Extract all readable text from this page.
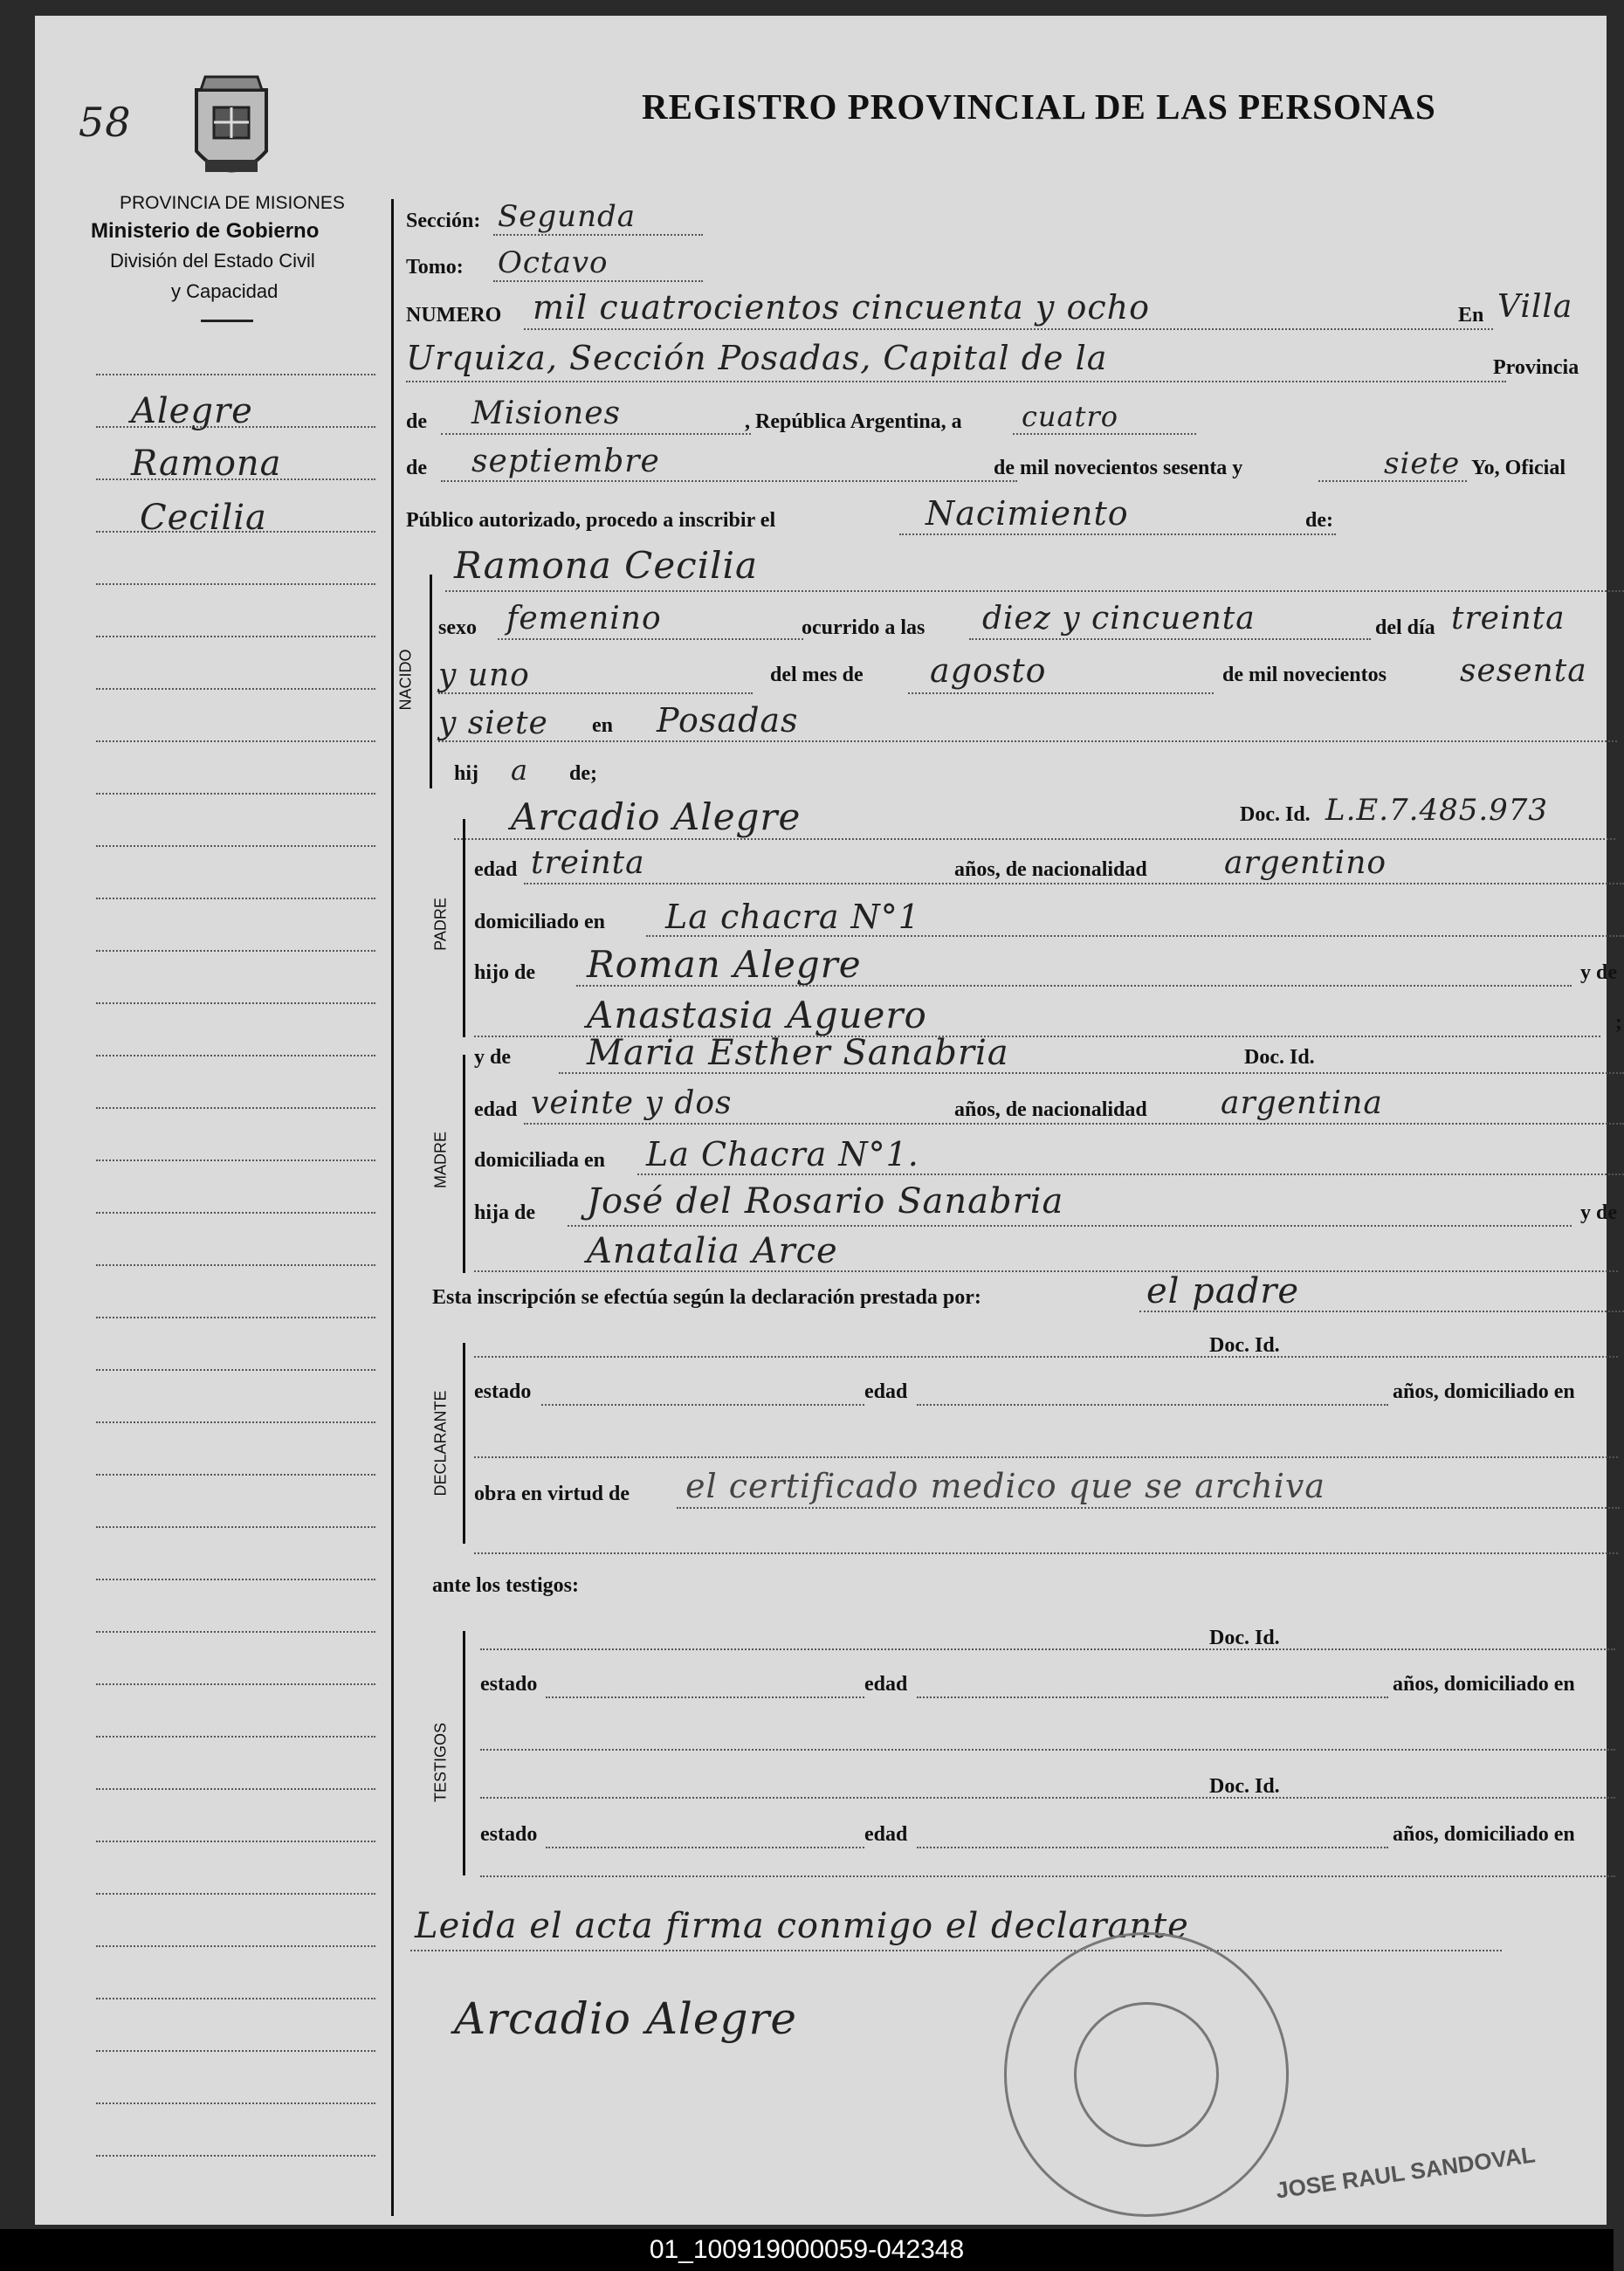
58	REGISTRO PROVINCIAL DE LAS PERSONAS
PROVINCIA DE MISIONES
Ministerio de Gobierno
División del Estado Civil
y Capacidad
Alegre
Ramona
Cecilia
Sección: Segunda
Tomo: Octavo
NUMERO mil cuatrocientos cincuenta y ocho	En Villa
Urquiza, Sección Posadas, Capital de la	Provincia
de Misiones	, República Argentina, a cuatro
de septiembre	de mil novecientos sesenta y	siete Yo, Oficial
Público autorizado, procedo a inscribir el	Nacimiento	de:
Ramona Cecilia
NACIDO
sexo femenino	ocurrido a las diez y cincuenta	del día treinta
y uno	del mes de agosto	de mil novecientos sesenta
y siete en Posadas
hij a de;
Arcadio Alegre	Doc. Id. L.E.7.485.973
PADRE
edad treinta	años, de nacionalidad argentino
domiciliado en La chacra N°1
hijo de Roman Alegre	y de
Anastasia Aguero	;
MADRE
y de Maria Esther Sanabria	Doc. Id.
edad veinte y dos	años, de nacionalidad argentina
domiciliada en La Chacra N°1.
hija de José del Rosario Sanabria	y de
Anatalia Arce
Esta inscripción se efectúa según la declaración prestada por:	el padre
Doc. Id.
DECLARANTE estado	edad	años, domiciliado en
obra en virtud de el certificado medico que se archiva
ante los testigos:
Doc. Id.
TESTIGOS
estado	edad	años, domiciliado en
Doc. Id.
estado	edad	años, domiciliado en
Leida el acta firma conmigo el declarante
Arcadio Alegre
JOSE RAUL SANDOVAL
01_100919000059-042348
